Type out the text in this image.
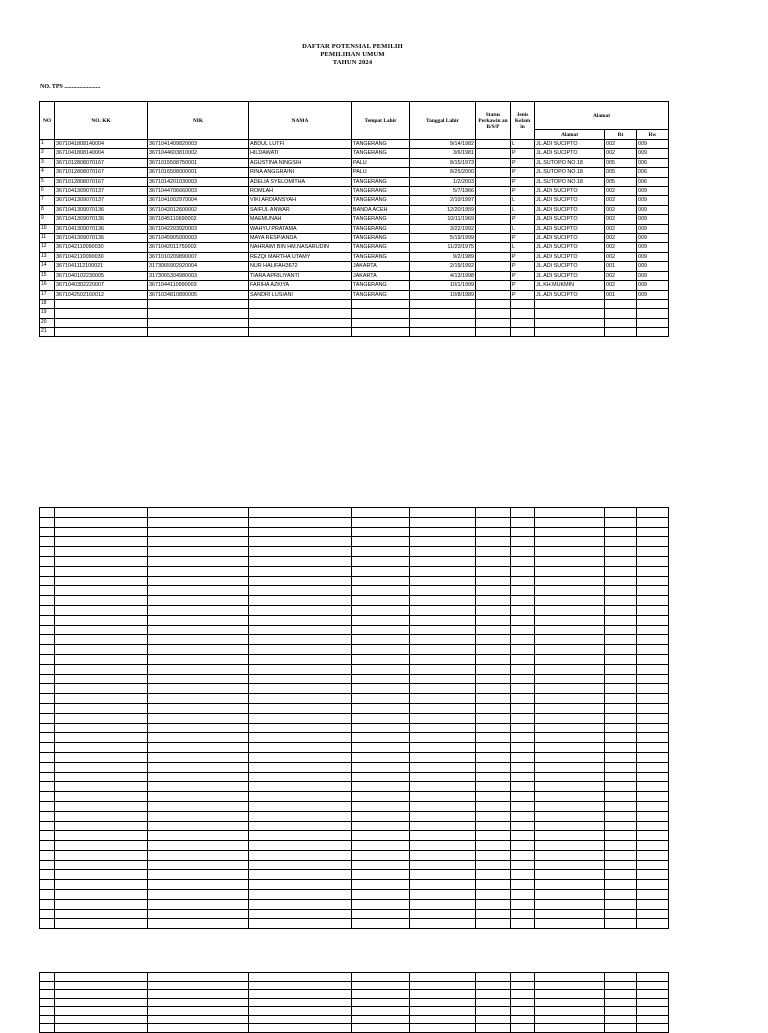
DAFTAR POTENSIAL PEMILIH
PEMILIHAN UMUM
TAHUN 2024
NO. TPS ........................
NO	NO. KK	NIK	NAMA	Tempat Lahir	Tanggal Lahir	Status Perkawin an B/S/P	Jenis Kelam in	Alamat		
								Alamat	Rt	Rw
1	3671041808140004	3671041409820003	ABDUL LUTFI	TANGERANG	9/14/1982		L	JL.ADI SUCIPTO	002	009
2	3671041808140004	3671044603810002	HILDAWATI	TANGERANG	3/6/1981		P	JL.ADI SUCIPTO	002	009
3	3671012808070167	3671015508750001	AGUSTINA NINGSIH	PALU	8/15/1973		P	JL.SUTOPO NO.18	005	006
4	3671012808070167	3671016508000001	RINA ANGGRAINI	PALU	8/25/2000		P	JL.SUTOPO NO.18	005	006
5	3671012808070167	3671014201030003	ADELIA SYELOMITHA	TANGERANG	1/2/2003		P	JL.SUTOPO NO.18	005	006
6	3671041309070137	3671044706660003	ROMLAH	TANGERANG	5/7/1966		P	JL.ADI SUCIPTO	002	009
7	3671041309070137	3671041002970004	VIKI ARDIANSYAH	TANGERANG	2/10/1997		L	JL.ADI SUCIPTO	002	009
8	3671041309070136	3671042012600002	SAIFUL ANWAR	BANDA ACEH	12/20/1959		L	JL.ADI SUCIPTO	002	009
9	3671041309070136	3671045110690002	MAEMUNAH	TANGERANG	10/11/1969		P	JL.ADI SUCIPTO	002	009
10	3671041309070136	3671042203920003	WAHYU PRATAMA	TANGERANG	3/22/1992		L	JL.ADI SUCIPTO	002	009
11	3671041309070136	3671045905000003	MAYA RESPIANDA	TANGERANG	5/19/1999		P	JL.ADI SUCIPTO	002	009
12	3671042110090030	3671042011750002	NAHRAWI BIN HM.NASARUDIN	TANGERANG	11/20/1975		L	JL.ADI SUCIPTO	002	009
13	3671042110090030	3671010209890007	REZQI MARTHA UTAMY	TANGERANG	9/2/1989		P	JL.ADI SUCIPTO	002	009
14	3671041112100021	3173065902920004	NUR HALIFAH3672	JAKARTA	2/19/1992		P	JL.ADI SUCIPTO	001	009
15	3671040102230005	3173065304980003	TIARA APRILIYANTI	JAKARTA	4/13/1998		P	JL.ADI SUCIPTO	002	009
16	3671040302220007	3671044110990003	FARIHA AZKIYA	TANGERANG	10/1/1999		P	JL.KH.MUKMIN	002	009
17	3671042502160012	3671034810890005	SANDRI LUSIANI	TANGERANG	10/8/1989		P	JL.ADI SUCIPTO	001	009
18										
19										
20										
21										
